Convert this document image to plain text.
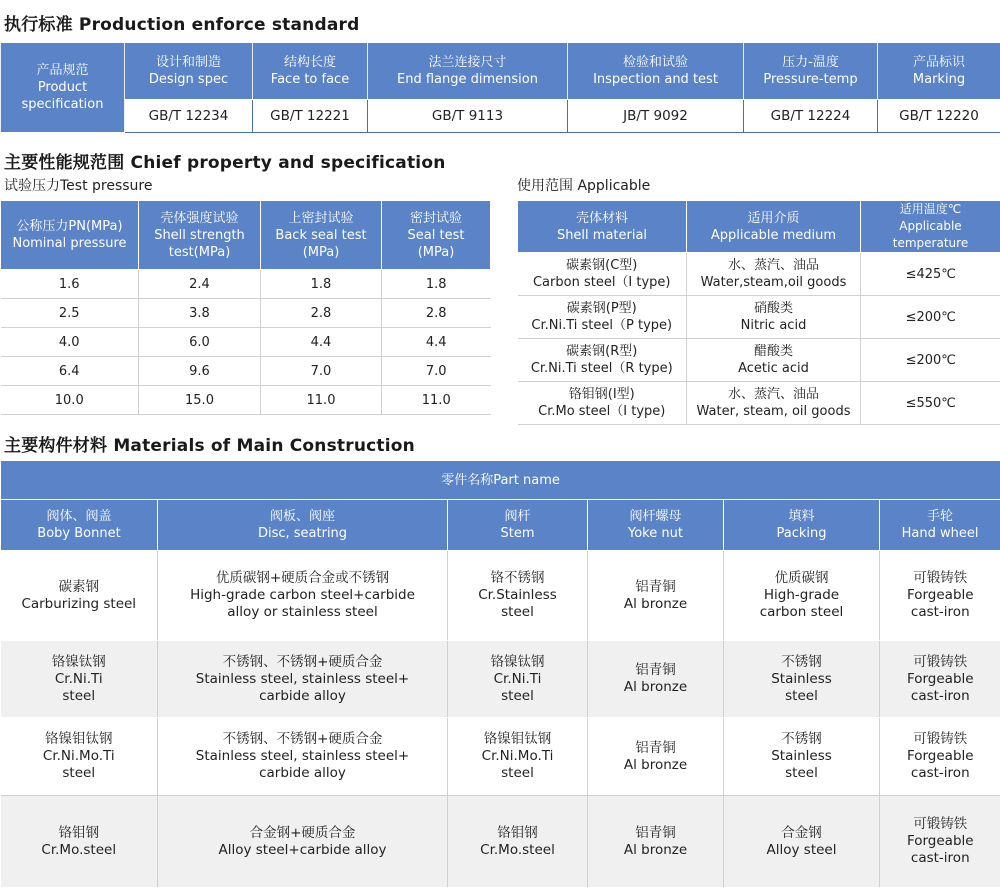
执行标准 Production enforce standard
产品规范
Product
specification	设计和制造
Design spec	结构长度
Face to face	法兰连接尺寸
End flange dimension	检验和试验
Inspection and test	压力-温度
Pressure-temp	产品标识
Marking

	GB/T 12234	GB/T 12221	GB/T 9113	JB/T 9092	GB/T 12224	GB/T 12220
主要性能规范围 Chief property and specification
试验压力Test pressure	使用范围 Applicable
公称压力PN(MPa)
Nominal pressure	壳体强度试验
Shell strength
test(MPa)	上密封试验
Back seal test
(MPa)	密封试验
Seal test
(MPa)

1.6	2.4	1.8	1.8
2.5	3.8	2.8	2.8
4.0	6.0	4.4	4.4
6.4	9.6	7.0	7.0
10.0	15.0	11.0	11.0
壳体材料
Shell material	适用介质
Applicable medium	适用温度℃
Applicable temperature

碳素钢(C型)
Carbon steel（I type)	水、蒸汽、油品
Water,steam,oil goods	≤425℃

碳素钢(P型)
Cr.Ni.Ti steel（P type)	硝酸类
Nitric acid	≤200℃

碳素钢(R型)
Cr.Ni.Ti steel（R type)	醋酸类
Acetic acid	≤200℃

铬钼钢(I型)
Cr.Mo steel（I type)	水、蒸汽、油品
Water, steam, oil goods	≤550℃
主要构件材料 Materials of Main Construction
零件名称Part name					

阀体、阀盖
Boby Bonnet	阀板、阀座
Disc, seatring	阀杆
Stem	阀杆螺母
Yoke nut	填料
Packing	手轮
Hand wheel

碳素钢
Carburizing steel	优质碳钢+硬质合金或不锈钢
High-grade carbon steel+carbide
alloy or stainless steel	铬不锈钢
Cr.Stainless
steel	铝青铜
Al bronze	优质碳钢
High-grade
carbon steel	可锻铸铁
Forgeable
cast-iron

铬镍钛钢
Cr.Ni.Ti
steel	不锈钢、不锈钢+硬质合金
Stainless steel, stainless steel+
carbide alloy	铬镍钛钢
Cr.Ni.Ti
steel	铝青铜
Al bronze	不锈钢
Stainless
steel	可锻铸铁
Forgeable
cast-iron

铬镍钼钛钢
Cr.Ni.Mo.Ti
steel	不锈钢、不锈钢+硬质合金
Stainless steel, stainless steel+
carbide alloy	铬镍钼钛钢
Cr.Ni.Mo.Ti
steel	铝青铜
Al bronze	不锈钢
Stainless
steel	可锻铸铁
Forgeable
cast-iron

铬钼钢
Cr.Mo.steel	合金钢+硬质合金
Alloy steel+carbide alloy	铬钼钢
Cr.Mo.steel	铝青铜
Al bronze	合金钢
Alloy steel	可锻铸铁
Forgeable
cast-iron
